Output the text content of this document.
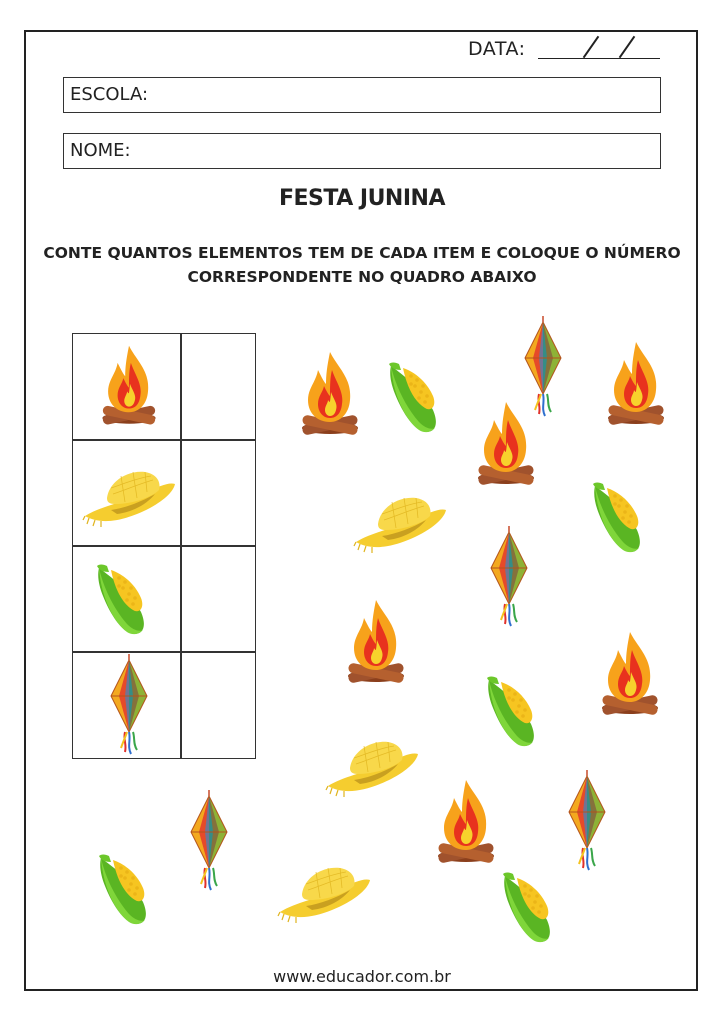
DATA:
ESCOLA:
NOME:
FESTA JUNINA
CONTE QUANTOS ELEMENTOS TEM DE CADA ITEM E COLOQUE O NÚMERO
CORRESPONDENTE NO QUADRO ABAIXO
www.educador.com.br
